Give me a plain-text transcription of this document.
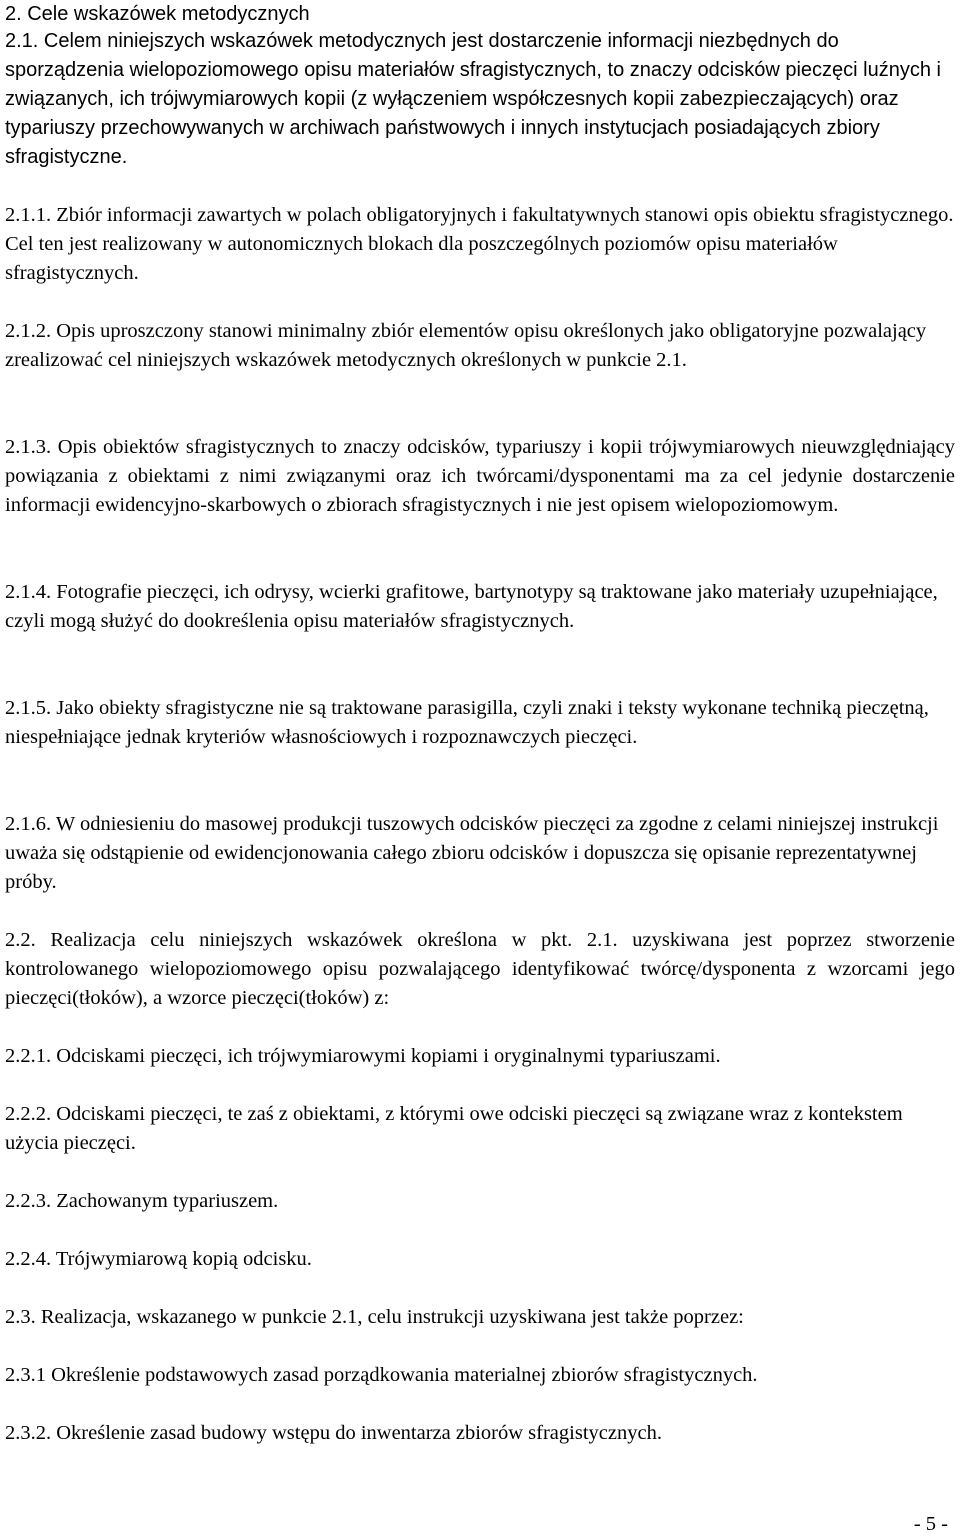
2. Cele wskazówek metodycznych

2.1. Celem niniejszych wskazówek metodycznych jest dostarczenie informacji niezbędnych do sporządzenia wielopoziomowego opisu materiałów sfragistycznych, to znaczy odcisków pieczęci luźnych i związanych, ich trójwymiarowych kopii (z wyłączeniem współczesnych kopii zabezpieczających) oraz typariuszy przechowywanych w archiwach państwowych i innych instytucjach posiadających zbiory sfragistyczne.

2.1.1. Zbiór informacji zawartych w polach obligatoryjnych i fakultatywnych stanowi opis obiektu sfragistycznego. Cel ten jest realizowany w autonomicznych blokach dla poszczególnych poziomów opisu materiałów sfragistycznych.

2.1.2. Opis uproszczony stanowi minimalny zbiór elementów opisu określonych jako obligatoryjne pozwalający zrealizować cel niniejszych wskazówek metodycznych określonych w punkcie 2.1.

2.1.3. Opis obiektów sfragistycznych to znaczy odcisków, typariuszy i kopii trójwymiarowych nieuwzględniający powiązania z obiektami z nimi związanymi oraz ich twórcami/dysponentami ma za cel jedynie dostarczenie informacji ewidencyjno-skarbowych o zbiorach sfragistycznych i nie jest opisem wielopoziomowym.

2.1.4. Fotografie pieczęci, ich odrysy, wcierki grafitowe, bartynotypy są traktowane jako materiały uzupełniające, czyli mogą służyć do dookreślenia opisu materiałów sfragistycznych.

2.1.5. Jako obiekty sfragistyczne nie są traktowane parasigilla, czyli znaki i teksty wykonane techniką pieczętną, niespełniające jednak kryteriów własnościowych i rozpoznawczych pieczęci.

2.1.6. W odniesieniu do masowej produkcji tuszowych odcisków pieczęci za zgodne z celami niniejszej instrukcji uważa się odstąpienie od ewidencjonowania całego zbioru odcisków i dopuszcza się opisanie reprezentatywnej próby.

2.2. Realizacja celu niniejszych wskazówek określona w pkt. 2.1. uzyskiwana jest poprzez stworzenie kontrolowanego wielopoziomowego opisu pozwalającego identyfikować twórcę/dysponenta z wzorcami jego pieczęci(tłoków), a wzorce pieczęci(tłoków) z:

2.2.1. Odciskami pieczęci, ich trójwymiarowymi kopiami i oryginalnymi typariuszami.

2.2.2. Odciskami pieczęci, te zaś z obiektami, z którymi owe odciski pieczęci są związane wraz z kontekstem użycia pieczęci.

2.2.3. Zachowanym typariuszem.

2.2.4. Trójwymiarową kopią odcisku.

2.3. Realizacja, wskazanego w punkcie 2.1, celu instrukcji uzyskiwana jest także poprzez:

2.3.1 Określenie podstawowych zasad porządkowania materialnej zbiorów sfragistycznych.

2.3.2. Określenie zasad budowy wstępu do inwentarza zbiorów sfragistycznych.

- 5 -
